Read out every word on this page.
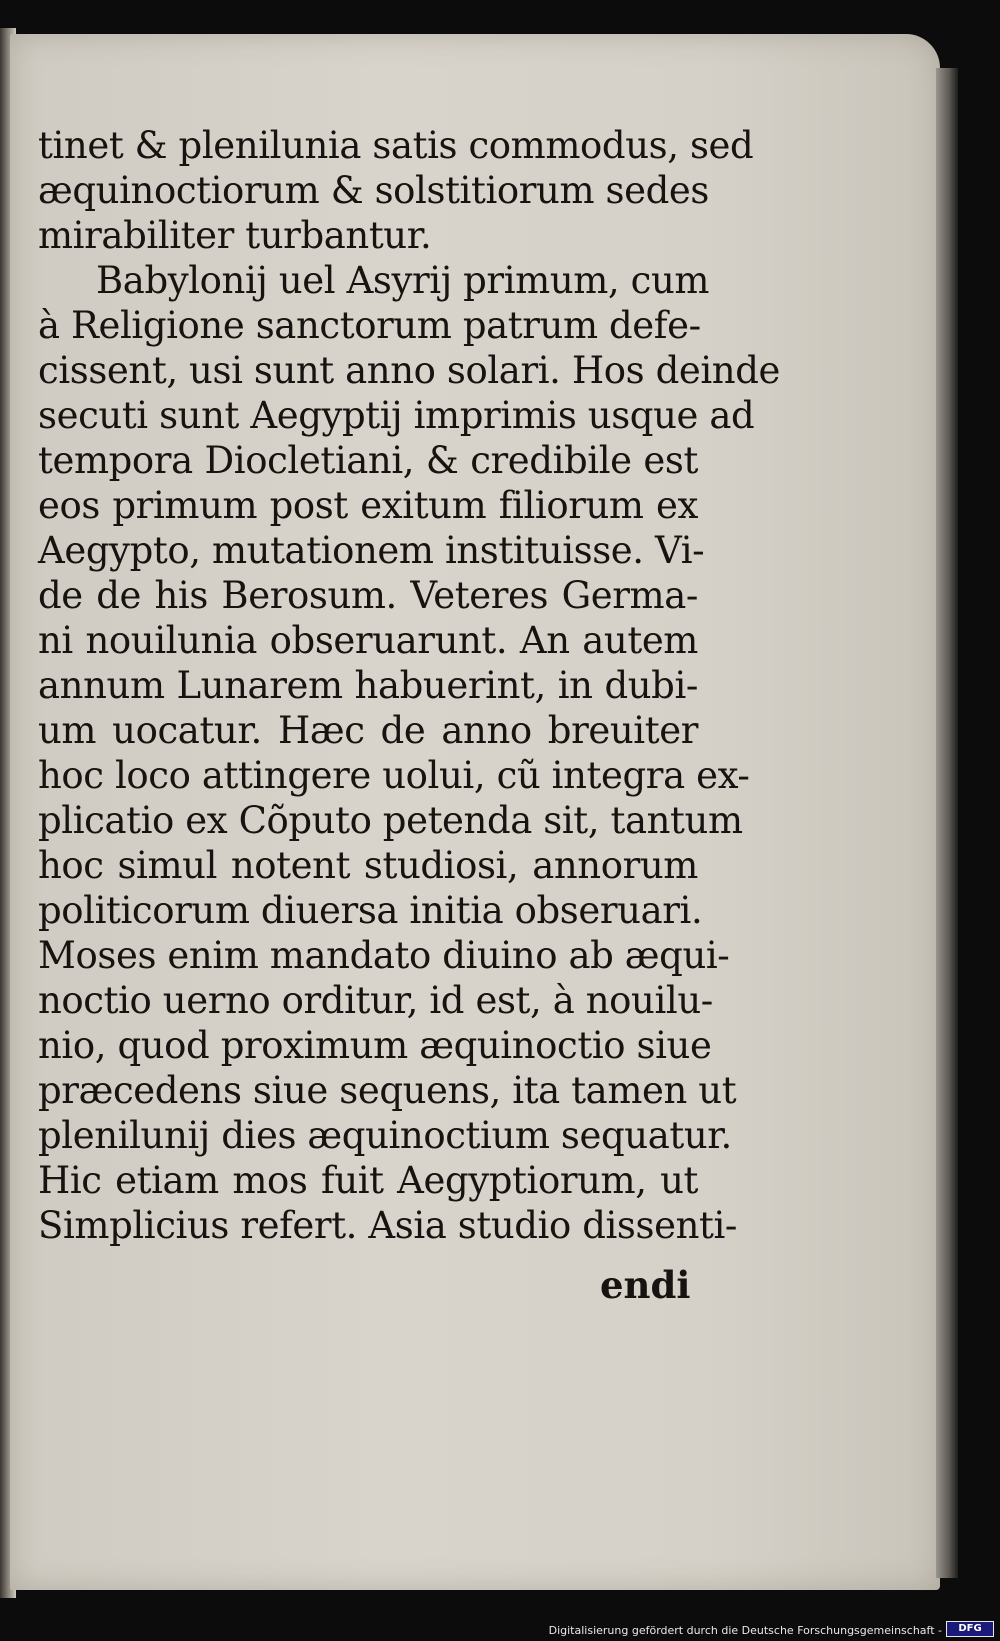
tinet & plenilunia satis commodus, sed
æquinoctiorum & solstitiorum sedes
mirabiliter turbantur.
Babylonij uel Asyrij primum, cum
à Religione sanctorum patrum defe-
cissent, usi sunt anno solari. Hos deinde
secuti sunt Aegyptij imprimis usque ad
tempora Diocletiani, & credibile est
eos primum post exitum filiorum ex
Aegypto, mutationem instituisse. Vi-
de de his Berosum. Veteres Germa-
ni nouilunia obseruarunt. An autem
annum Lunarem habuerint, in dubi-
um uocatur. Hæc de anno breuiter
hoc loco attingere uolui, cũ integra ex-
plicatio ex Cõputo petenda sit, tantum
hoc simul notent studiosi, annorum
politicorum diuersa initia obseruari.
Moses enim mandato diuino ab æqui-
noctio uerno orditur, id est, à nouilu-
nio, quod proximum æquinoctio siue
præcedens siue sequens, ita tamen ut
plenilunij dies æquinoctium sequatur.
Hic etiam mos fuit Aegyptiorum, ut
Simplicius refert. Asia studio dissenti-
endi
Digitalisierung gefördert durch die Deutsche Forschungsgemeinschaft -	DFG
